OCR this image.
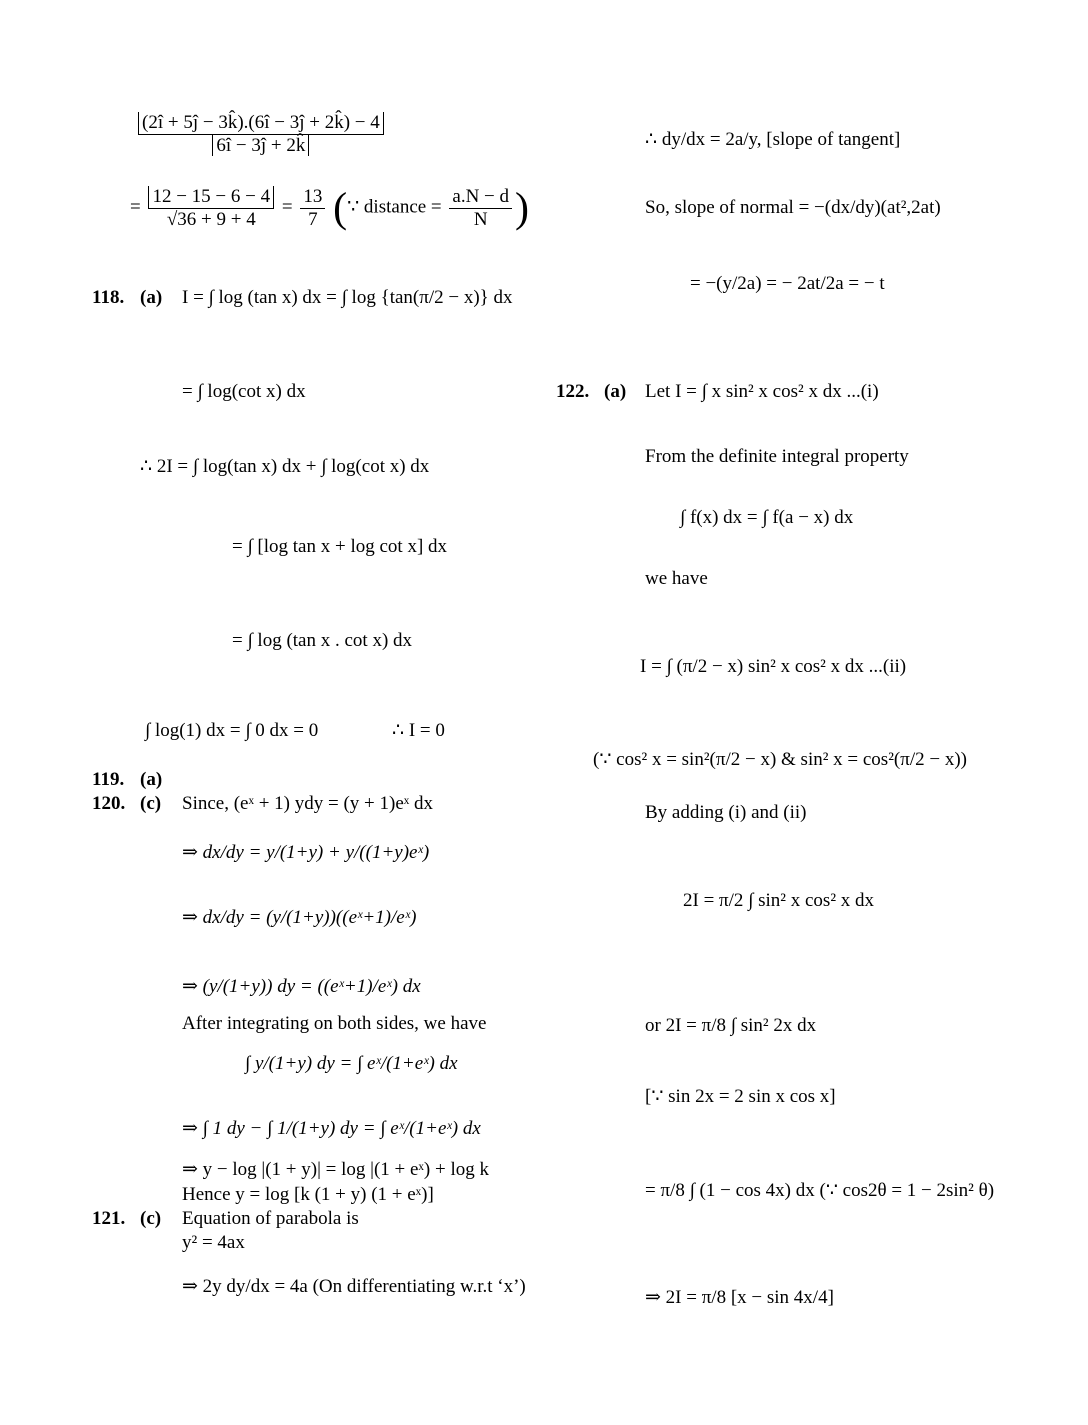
$\frac{(2î + 5ĵ - 3k̂).(6î - 3ĵ + 2k̂) - 4}{6î - 3ĵ + 2k̂}$
= $\frac{12 - 15 - 6 - 4}{√36 + 9 + 4} = \frac{13}{7}$ (∵ distance = $\frac{a.N - d}{N}$ )
118. (a) I = ∫ log (tan x) dx = ∫ log {tan(π/2 − x)} dx
= ∫ log(cot x) dx
∴ 2I = ∫ log(tan x) dx + ∫ log(cot x) dx
= ∫ [log tan x + log cot x] dx
= ∫ log (tan x . cot x) dx
∫ log(1) dx = ∫ 0 dx = 0	∴ I = 0
119. (a)
120. (c) Since, (eˣ + 1) ydy = (y + 1)eˣ dx
⇒ dx/dy = y/(1+y) + y/((1+y)eˣ)
⇒ dx/dy = (y/(1+y))((eˣ+1)/eˣ)
⇒ (y/(1+y)) dy = ((eˣ+1)/eˣ) dx
After integrating on both sides, we have
∫ y/(1+y) dy = ∫ eˣ/(1+eˣ) dx
⇒ ∫ 1 dy − ∫ 1/(1+y) dy = ∫ eˣ/(1+eˣ) dx
⇒ y − log |(1 + y)| = log |(1 + eˣ) + log k
Hence y = log [k (1 + y) (1 + eˣ)]
121. (c) Equation of parabola is
y² = 4ax
⇒ 2y dy/dx = 4a (On differentiating w.r.t ‘x’)
∴ dy/dx = 2a/y, [slope of tangent]
So, slope of normal = −(dx/dy)(at²,2at)
= −(y/2a) = − 2at/2a = − t
122. (a) Let I = ∫ x sin² x cos² x dx ...(i)
From the definite integral property
∫ f(x) dx = ∫ f(a − x) dx
we have
I = ∫ (π/2 − x) sin² x cos² x dx ...(ii)
(∵ cos² x = sin²(π/2 − x) & sin² x = cos²(π/2 − x))
By adding (i) and (ii)
2I = π/2 ∫ sin² x cos² x dx
or 2I = π/8 ∫ sin² 2x dx
[∵ sin 2x = 2 sin x cos x]
= π/8 ∫ (1 − cos 4x) dx (∵ cos2θ = 1 − 2sin² θ)
⇒ 2I = π/8 [x − sin 4x/4]
